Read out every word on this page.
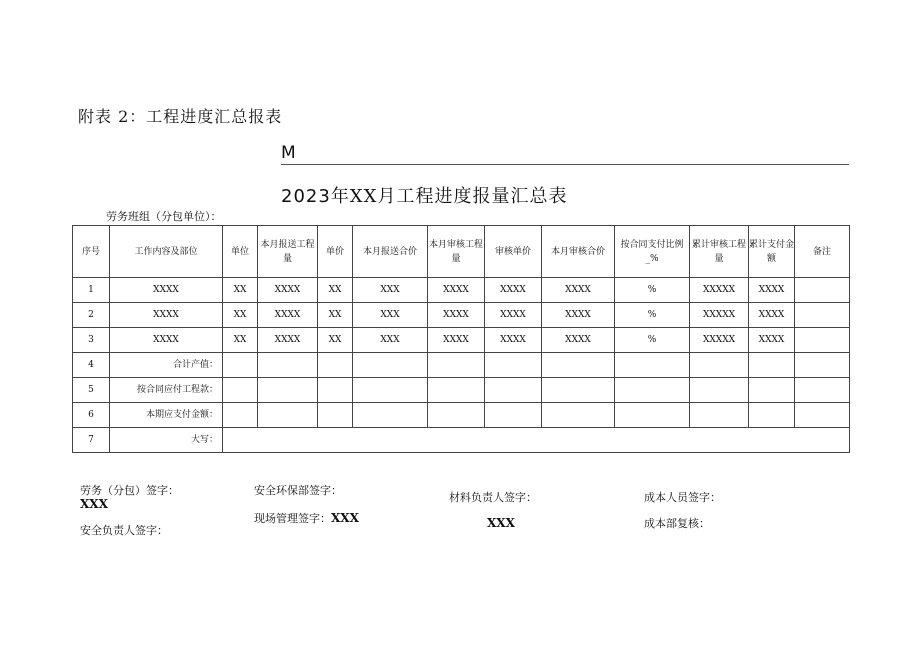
附表 2：工程进度汇总报表
M
2023年XX月工程进度报量汇总表
劳务班组（分包单位）：
序号	工作内容及部位	单位	本月报送工程量	单价	本月报送合价	本月审核工程量	审核单价	本月审核合价	按合同支付比例_%	累计审核工程量	累计支付金额	备注
1	XXXX	XX	XXXX	XX	XXX	XXXX	XXXX	XXXX	%	XXXXX	XXXX	
2	XXXX	XX	XXXX	XX	XXX	XXXX	XXXX	XXXX	%	XXXXX	XXXX	
3	XXXX	XX	XXXX	XX	XXX	XXXX	XXXX	XXXX	%	XXXXX	XXXX	
4	合计产值：											
5	按合同应付工程款：											
6	本期应支付金额：											
7	大写：											
劳务（分包）签字：
XXX
安全负责人签字：
安全环保部签字：
现场管理签字：XXX
材料负责人签字：
XXX
成本人员签字：
成本部复核：
